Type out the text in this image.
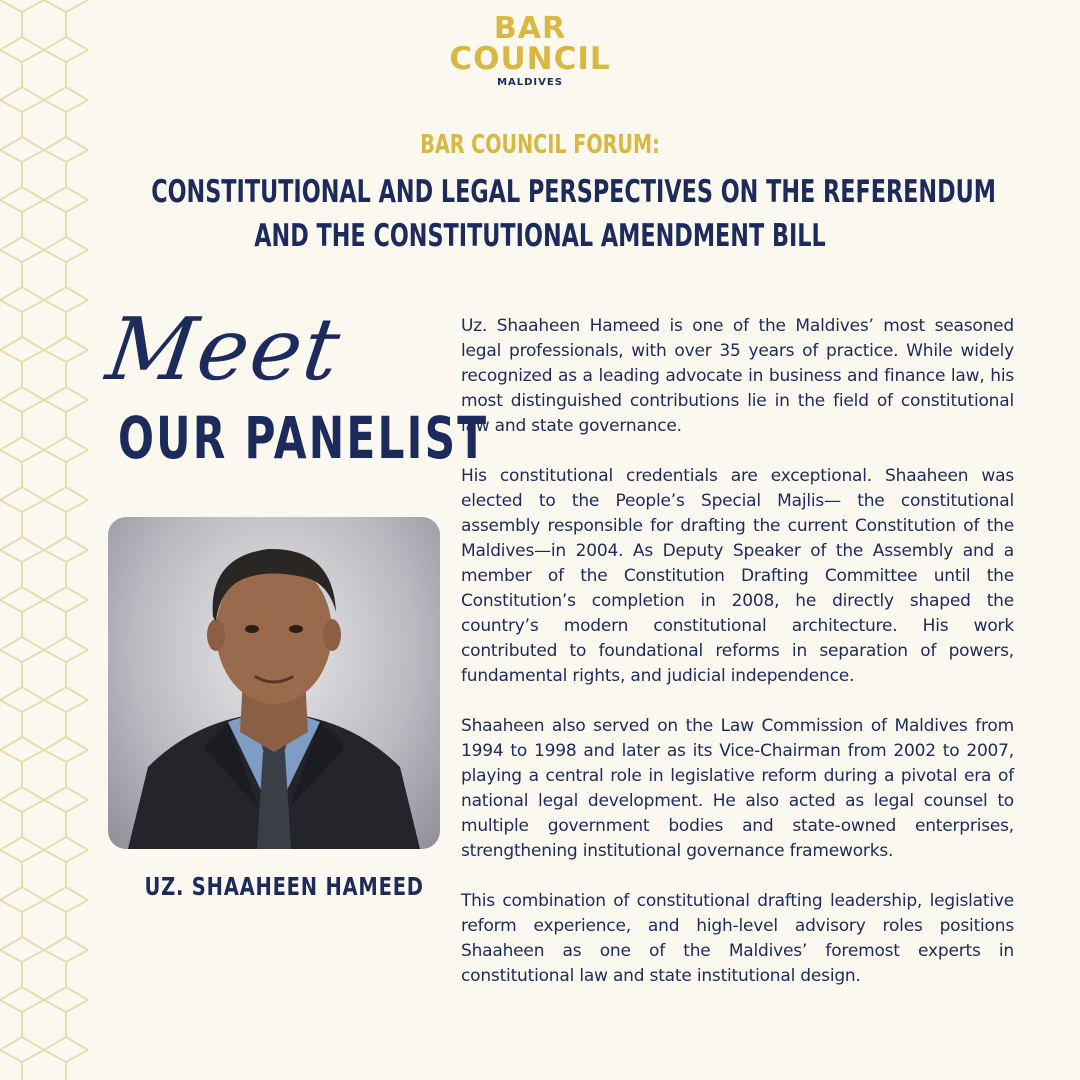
BAR
COUNCIL
MALDIVES
BAR COUNCIL FORUM:
CONSTITUTIONAL AND LEGAL PERSPECTIVES ON THE REFERENDUM
AND THE CONSTITUTIONAL AMENDMENT BILL
Meet
OUR PANELIST
UZ. SHAAHEEN HAMEED

Uz. Shaaheen Hameed is one of the Maldives’ most seasoned legal professionals, with over 35 years of practice. While widely recognized as a leading advocate in business and finance law, his most distinguished contributions lie in the field of constitutional law and state governance.

His constitutional credentials are exceptional. Shaaheen was elected to the People’s Special Majlis— the constitutional assembly responsible for drafting the current Constitution of the Maldives—in 2004. As Deputy Speaker of the Assembly and a member of the Constitution Drafting Committee until the Constitution’s completion in 2008, he directly shaped the country’s modern constitutional architecture. His work contributed to foundational reforms in separation of powers, fundamental rights, and judicial independence.

Shaaheen also served on the Law Commission of Maldives from 1994 to 1998 and later as its Vice-Chairman from 2002 to 2007, playing a central role in legislative reform during a pivotal era of national legal development. He also acted as legal counsel to multiple government bodies and state-owned enterprises, strengthening institutional governance frameworks.

This combination of constitutional drafting leadership, legislative reform experience, and high-level advisory roles positions Shaaheen as one of the Maldives’ foremost experts in constitutional law and state institutional design.
